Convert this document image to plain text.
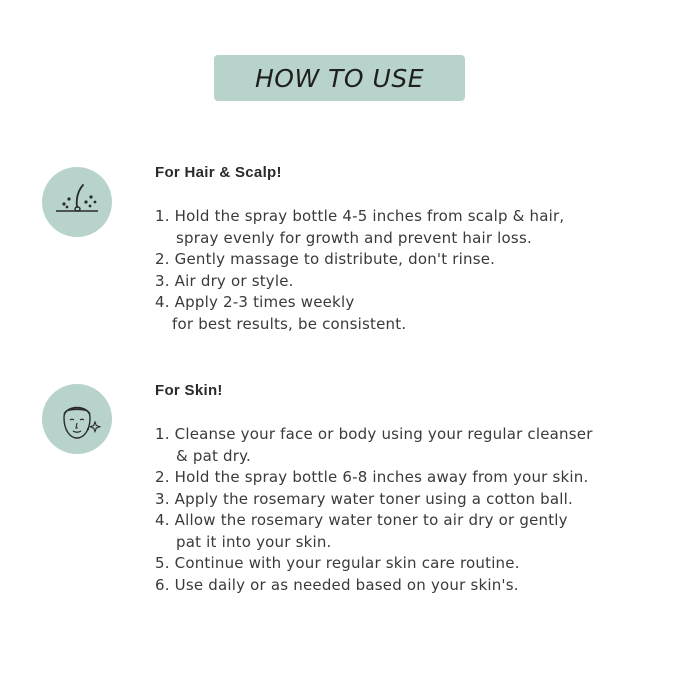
HOW TO USE
For Hair & Scalp!
1. Hold the spray bottle 4-5 inches from scalp & hair,
spray evenly for growth and prevent hair loss.
2. Gently massage to distribute, don't rinse.
3. Air dry or style.
4. Apply 2-3 times weekly
for best results, be consistent.
For Skin!
1. Cleanse your face or body using your regular cleanser
& pat dry.
2. Hold the spray bottle 6-8 inches away from your skin.
3. Apply the rosemary water toner using a cotton ball.
4. Allow the rosemary water toner to air dry or gently
pat it into your skin.
5. Continue with your regular skin care routine.
6. Use daily or as needed based on your skin's.
